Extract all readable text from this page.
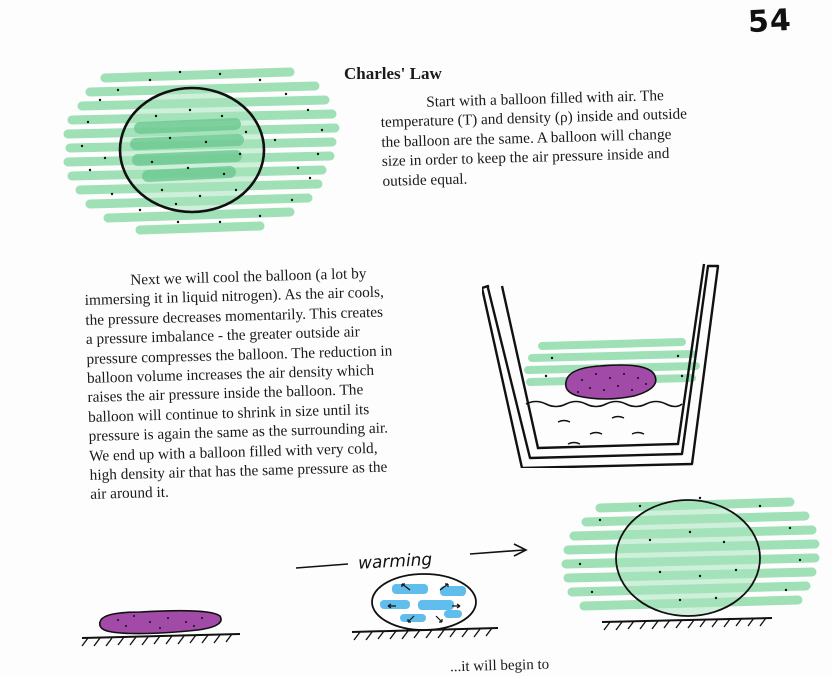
54
Charles' Law

Start with a balloon filled with air. The
temperature (T) and density (ρ) inside and outside
the balloon are the same. A balloon will change
size in order to keep the air pressure inside and
outside equal.

Next we will cool the balloon (a lot by
immersing it in liquid nitrogen). As the air cools,
the pressure decreases momentarily. This creates
a pressure imbalance - the greater outside air
pressure compresses the balloon. The reduction in
balloon volume increases the air density which
raises the air pressure inside the balloon. The
balloon will continue to shrink in size until its
pressure is again the same as the surrounding air.
We end up with a balloon filled with very cold,
high density air that has the same pressure as the
air around it.

warming
...it will begin to
